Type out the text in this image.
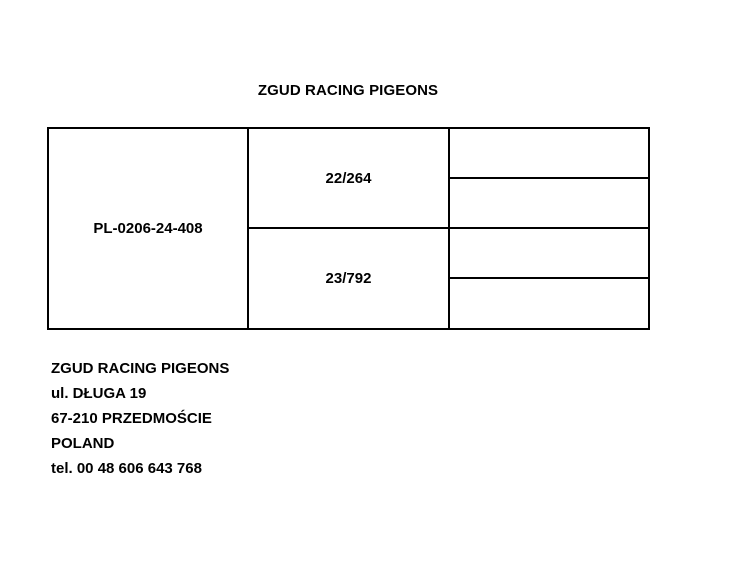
ZGUD RACING PIGEONS
PL-0206-24-408
22/264
23/792
ZGUD RACING PIGEONS
ul. DŁUGA 19
67-210 PRZEDMOŚCIE
POLAND
tel. 00 48 606 643 768
